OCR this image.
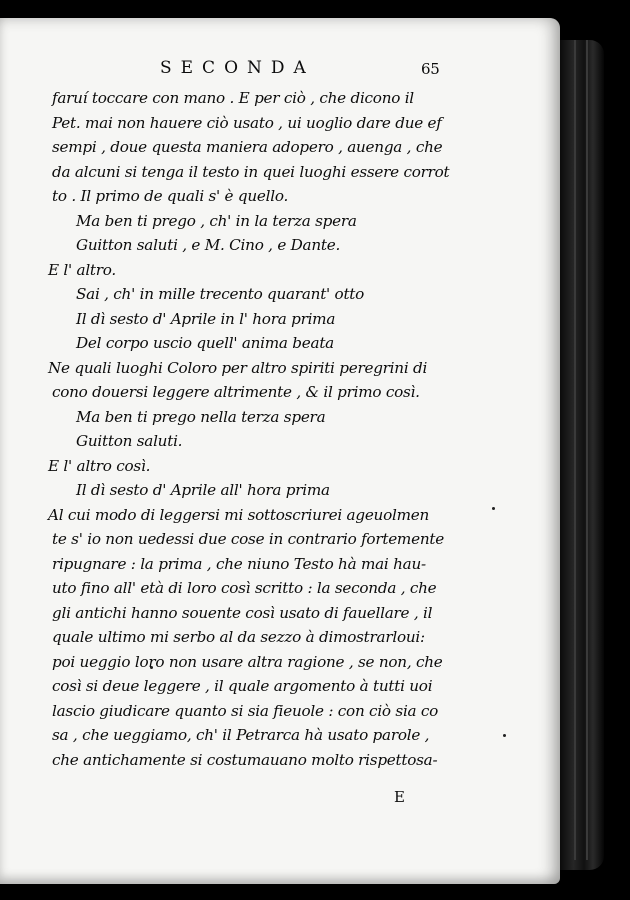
SECONDA	65
faruí toccare con mano . E per ciò , che dicono il
Pet. mai non hauere ciò usato , ui uoglio dare due ef
sempi , doue questa maniera adopero , auenga , che
da alcuni si tenga il testo in quei luoghi essere corrot
to . Il primo de quali s' è quello.
Ma ben ti prego , ch' in la terza spera
Guitton saluti , e M. Cino , e Dante.
E l' altro.
Sai , ch' in mille trecento quarant' otto
Il dì sesto d' Aprile in l' hora prima
Del corpo uscio quell' anima beata
Ne quali luoghi Coloro per altro spiriti peregrini di
cono douersi leggere altrimente , & il primo così.
Ma ben ti prego nella terza spera
Guitton saluti.
E l' altro così.
Il dì sesto d' Aprile all' hora prima
Al cui modo di leggersi mi sottoscriurei ageuolmen
te s' io non uedessi due cose in contrario fortemente
ripugnare : la prima , che niuno Testo hà mai hau-
uto fino all' età di loro così scritto : la seconda , che
gli antichi hanno souente così usato di fauellare , il
quale ultimo mi serbo al da sezzo à dimostrarloui:
poi ueggio loro non usare altra ragione , se non, che
così si deue leggere , il quale argomento à tutti uoi
lascio giudicare quanto si sia fieuole : con ciò sia co
sa , che ueggiamo, ch' il Petrarca hà usato parole ,
che antichamente si costumauano molto rispettosa-
E
